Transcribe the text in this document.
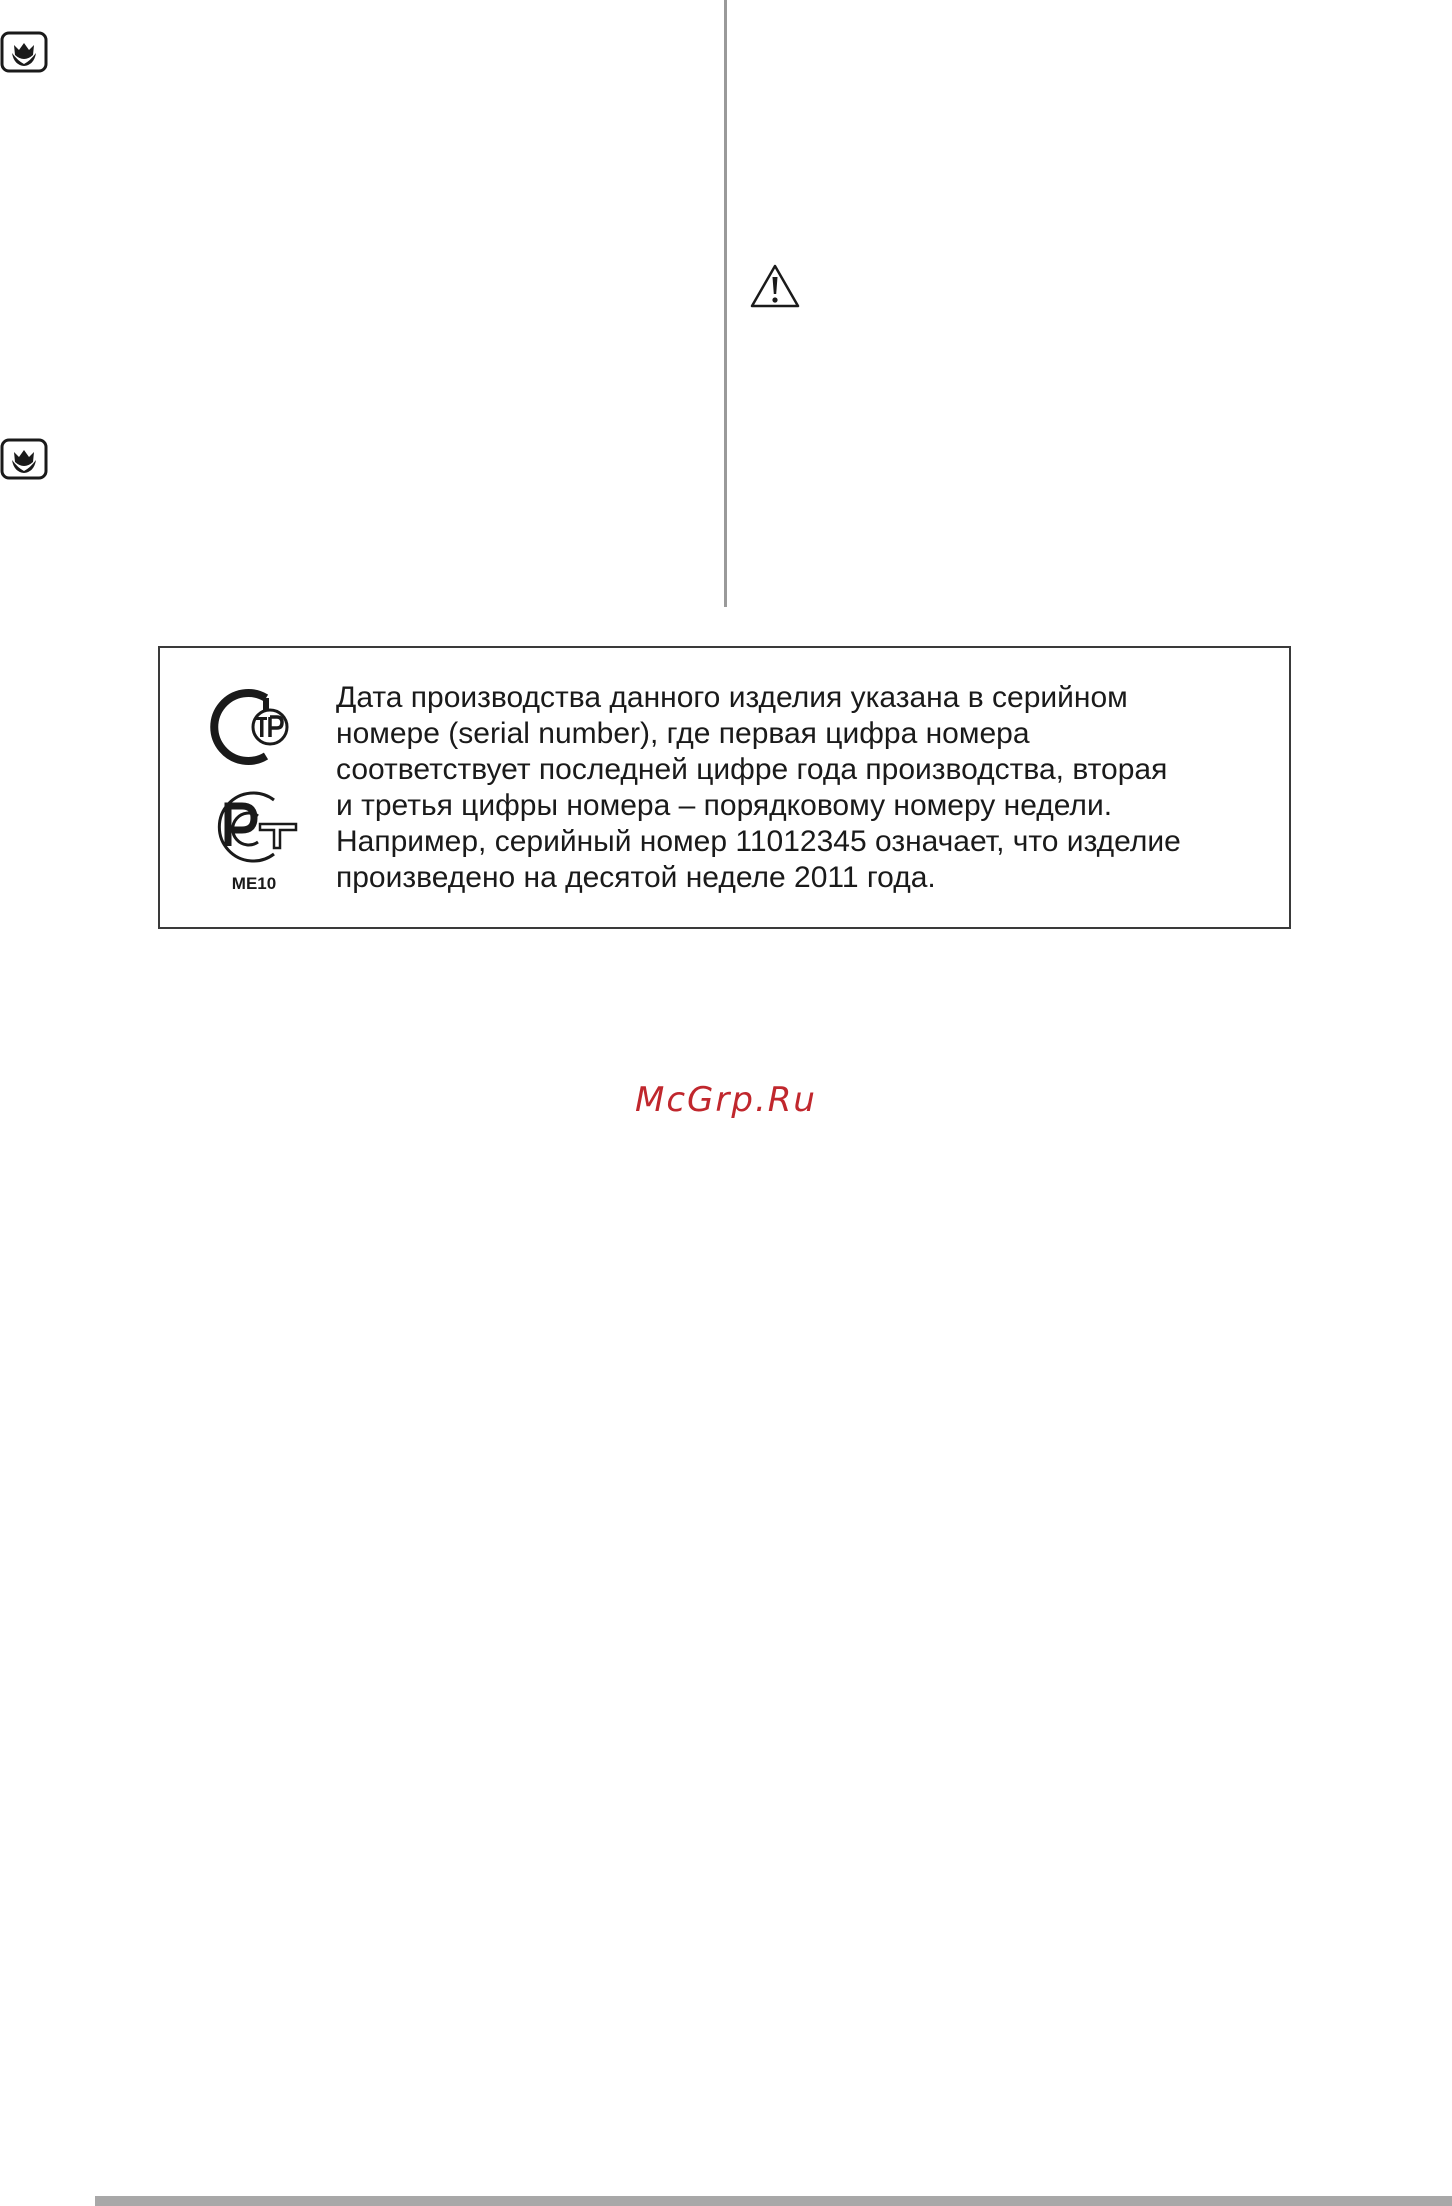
ME10

Дата производства данного изделия указана в серийном
номере (serial number), где первая цифра номера
соответствует последней цифре года производства, вторая
и третья цифры номера – порядковому номеру недели.
Например, серийный номер 11012345 означает, что изделие
произведено на десятой неделе 2011 года.

McGrp.Ru
